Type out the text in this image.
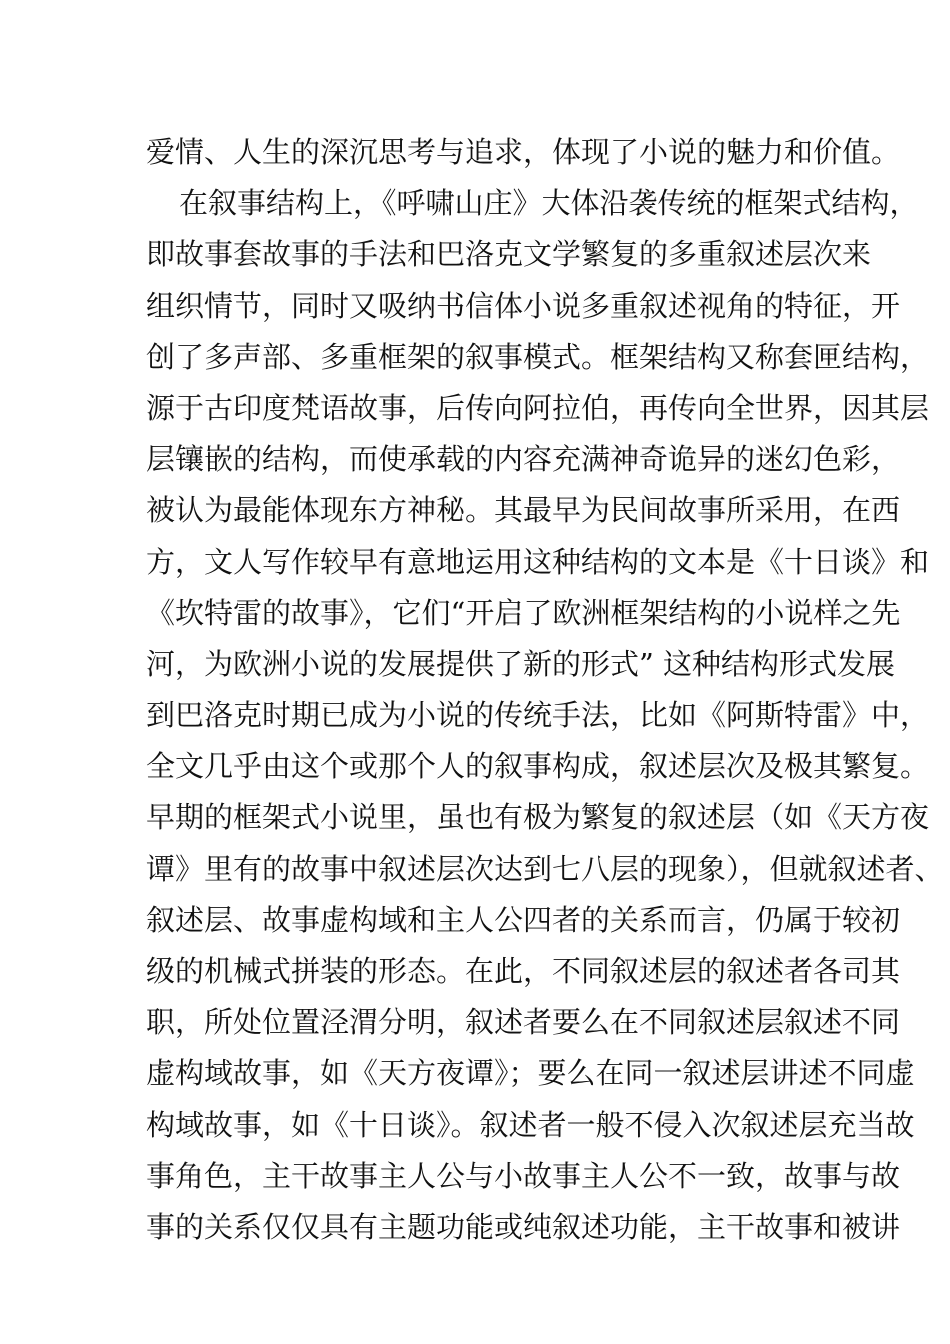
爱情、人生的深沉思考与追求，体现了小说的魅力和价值。
在叙事结构上，《呼啸山庄》大体沿袭传统的框架式结构，
即故事套故事的手法和巴洛克文学繁复的多重叙述层次来
组织情节，同时又吸纳书信体小说多重叙述视角的特征，开
创了多声部、多重框架的叙事模式。框架结构又称套匣结构，
源于古印度梵语故事，后传向阿拉伯，再传向全世界，因其层
层镶嵌的结构，而使承载的内容充满神奇诡异的迷幻色彩，
被认为最能体现东方神秘。其最早为民间故事所采用，在西
方，文人写作较早有意地运用这种结构的文本是《十日谈》和
《坎特雷的故事》，它们“开启了欧洲框架结构的小说样之先
河，为欧洲小说的发展提供了新的形式” 这种结构形式发展
到巴洛克时期已成为小说的传统手法，比如《阿斯特雷》中，
全文几乎由这个或那个人的叙事构成，叙述层次及极其繁复。
早期的框架式小说里，虽也有极为繁复的叙述层（如《天方夜
谭》里有的故事中叙述层次达到七八层的现象），但就叙述者、
叙述层、故事虚构域和主人公四者的关系而言，仍属于较初
级的机械式拼装的形态。在此，不同叙述层的叙述者各司其
职，所处位置泾渭分明，叙述者要么在不同叙述层叙述不同
虚构域故事，如《天方夜谭》；要么在同一叙述层讲述不同虚
构域故事，如《十日谈》。叙述者一般不侵入次叙述层充当故
事角色，主干故事主人公与小故事主人公不一致，故事与故
事的关系仅仅具有主题功能或纯叙述功能，主干故事和被讲
